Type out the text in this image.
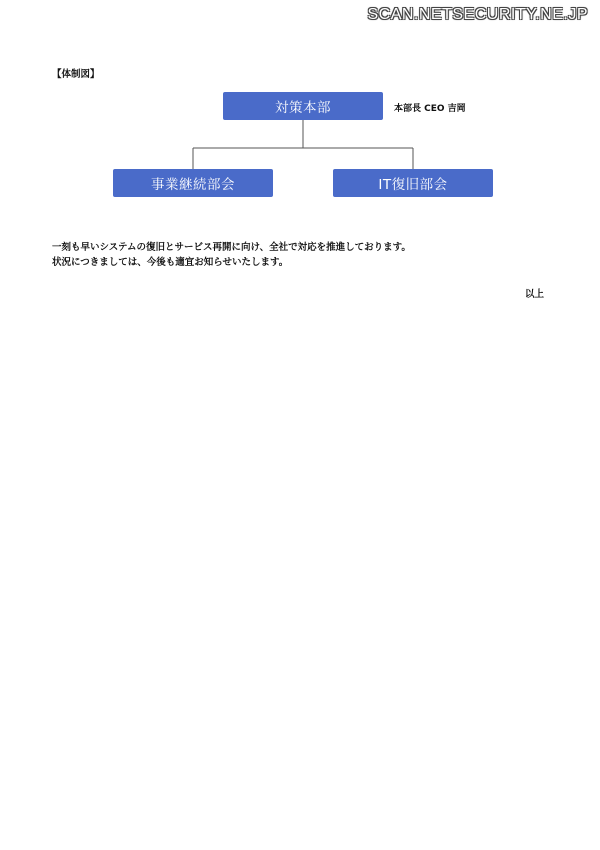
SCAN.NETSECURITY.NE.JP
【体制図】
対策本部	本部長 CEO 吉岡
事業継続部会	IT復旧部会

一刻も早いシステムの復旧とサービス再開に向け、全社で対応を推進しております。

状況につきましては、今後も適宜お知らせいたします。

以上
